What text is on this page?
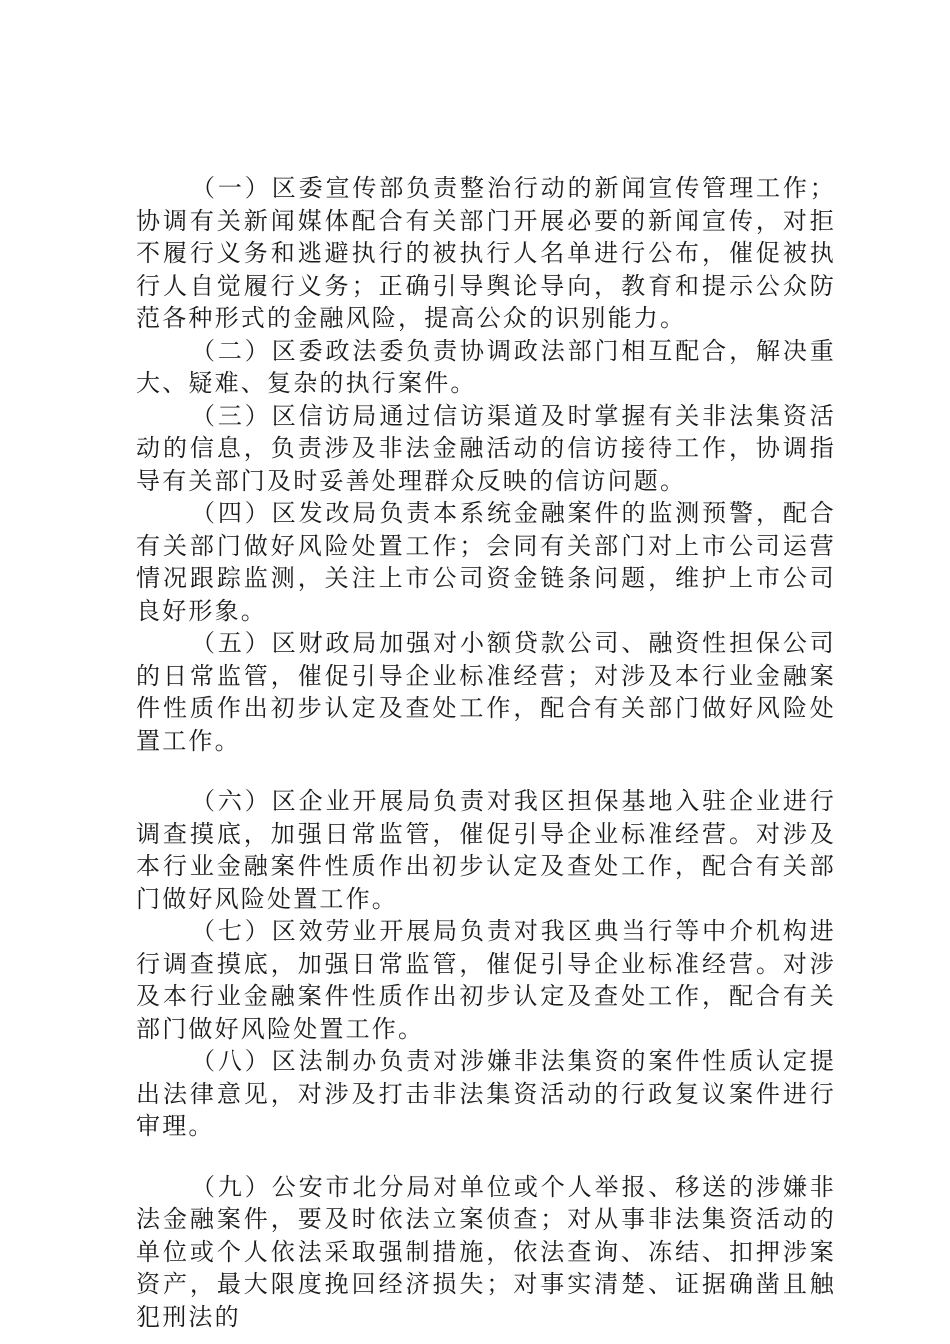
（一）区委宣传部负责整治行动的新闻宣传管理工作；协调有关新闻媒体配合有关部门开展必要的新闻宣传，对拒不履行义务和逃避执行的被执行人名单进行公布，催促被执行人自觉履行义务；正确引导舆论导向，教育和提示公众防范各种形式的金融风险，提高公众的识别能力。

（二）区委政法委负责协调政法部门相互配合，解决重大、疑难、复杂的执行案件。

（三）区信访局通过信访渠道及时掌握有关非法集资活动的信息，负责涉及非法金融活动的信访接待工作，协调指导有关部门及时妥善处理群众反映的信访问题。

（四）区发改局负责本系统金融案件的监测预警，配合有关部门做好风险处置工作；会同有关部门对上市公司运营情况跟踪监测，关注上市公司资金链条问题，维护上市公司良好形象。

（五）区财政局加强对小额贷款公司、融资性担保公司的日常监管，催促引导企业标准经营；对涉及本行业金融案件性质作出初步认定及查处工作，配合有关部门做好风险处置工作。

（六）区企业开展局负责对我区担保基地入驻企业进行调查摸底，加强日常监管，催促引导企业标准经营。对涉及本行业金融案件性质作出初步认定及查处工作，配合有关部门做好风险处置工作。

（七）区效劳业开展局负责对我区典当行等中介机构进行调查摸底，加强日常监管，催促引导企业标准经营。对涉及本行业金融案件性质作出初步认定及查处工作，配合有关部门做好风险处置工作。

（八）区法制办负责对涉嫌非法集资的案件性质认定提出法律意见，对涉及打击非法集资活动的行政复议案件进行审理。

（九）公安市北分局对单位或个人举报、移送的涉嫌非法金融案件，要及时依法立案侦查；对从事非法集资活动的单位或个人依法采取强制措施，依法查询、冻结、扣押涉案资产，最大限度挽回经济损失；对事实清楚、证据确凿且触犯刑法的
